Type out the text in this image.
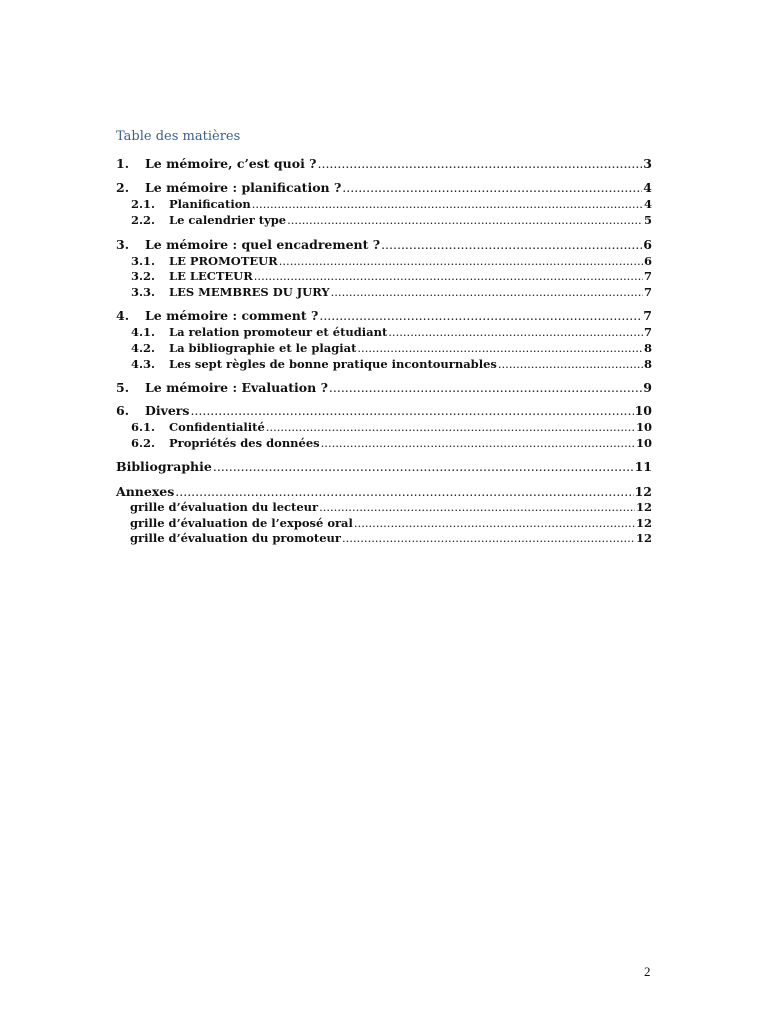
Table des matières
1.	Le mémoire, c’est quoi ? .....	3
2.	Le mémoire : planification ? .....	4
2.1.	Planification .....	4
2.2.	Le calendrier type .....	5
3.	Le mémoire : quel encadrement ? .....	6
3.1.	LE PROMOTEUR .....	6
3.2.	LE LECTEUR .....	7
3.3.	LES MEMBRES DU JURY .....	7
4.	Le mémoire : comment ? .....	7
4.1.	La relation promoteur et étudiant .....	7
4.2.	La bibliographie et le plagiat .....	8
4.3.	Les sept règles de bonne pratique incontournables .....	8
5.	Le mémoire : Evaluation ? .....	9
6.	Divers .....	10
6.1.	Confidentialité .....	10
6.2.	Propriétés des données .....	10
Bibliographie .....	11
Annexes .....	12
grille d’évaluation du lecteur .....	12
grille d’évaluation de l’exposé oral .....	12
grille d’évaluation du promoteur .....	12
2
